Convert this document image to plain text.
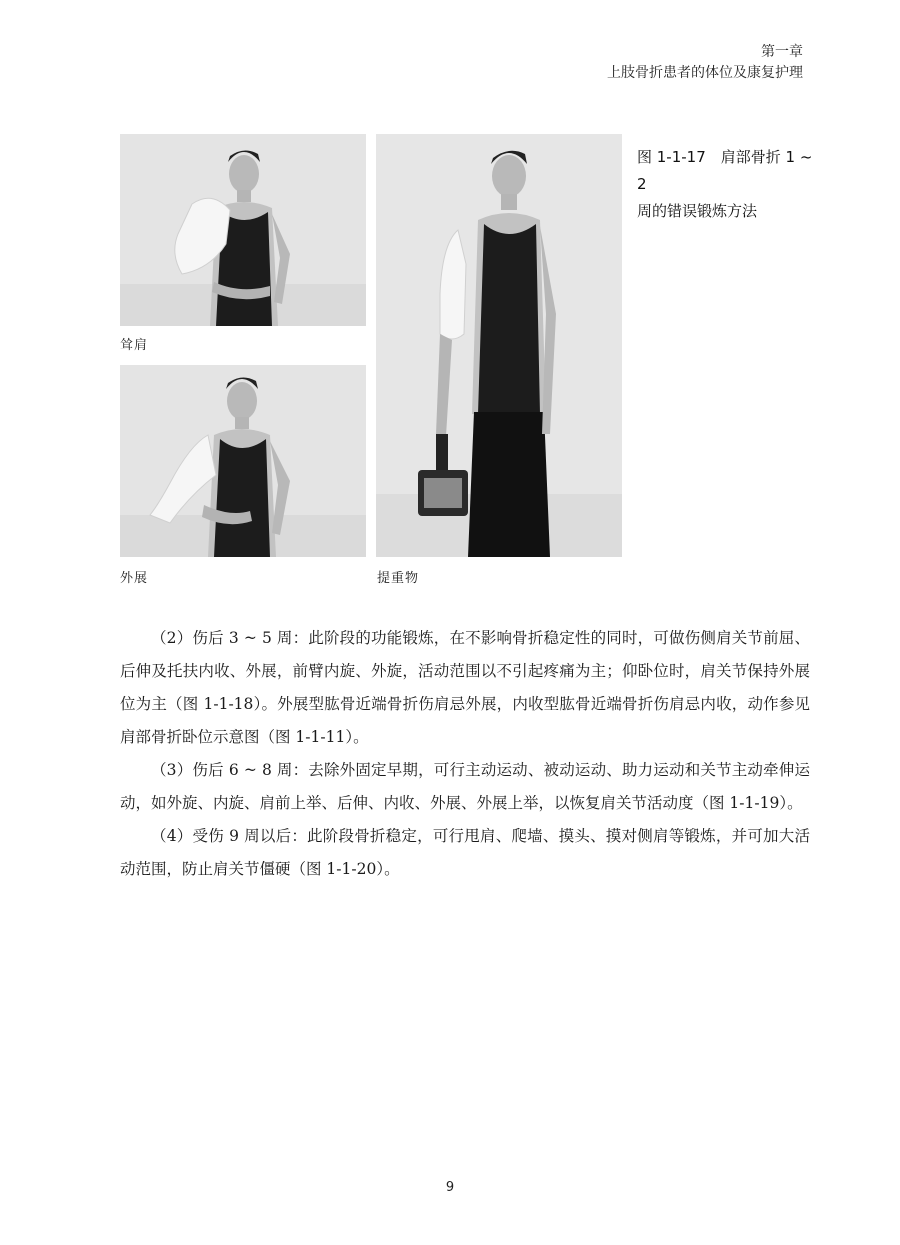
第一章
上肢骨折患者的体位及康复护理
耸肩
外展	提重物
图 1-1-17　肩部骨折 1 ~ 2
周的错误锻炼方法

（2）伤后 3 ~ 5 周：此阶段的功能锻炼，在不影响骨折稳定性的同时，可做伤侧肩关节前屈、后伸及托扶内收、外展，前臂内旋、外旋，活动范围以不引起疼痛为主；仰卧位时，肩关节保持外展位为主（图 1-1-18）。外展型肱骨近端骨折伤肩忌外展，内收型肱骨近端骨折伤肩忌内收，动作参见肩部骨折卧位示意图（图 1-1-11）。

（3）伤后 6 ~ 8 周：去除外固定早期，可行主动运动、被动运动、助力运动和关节主动牵伸运动，如外旋、内旋、肩前上举、后伸、内收、外展、外展上举，以恢复肩关节活动度（图 1-1-19）。

（4）受伤 9 周以后：此阶段骨折稳定，可行甩肩、爬墙、摸头、摸对侧肩等锻炼，并可加大活动范围，防止肩关节僵硬（图 1-1-20）。

9
